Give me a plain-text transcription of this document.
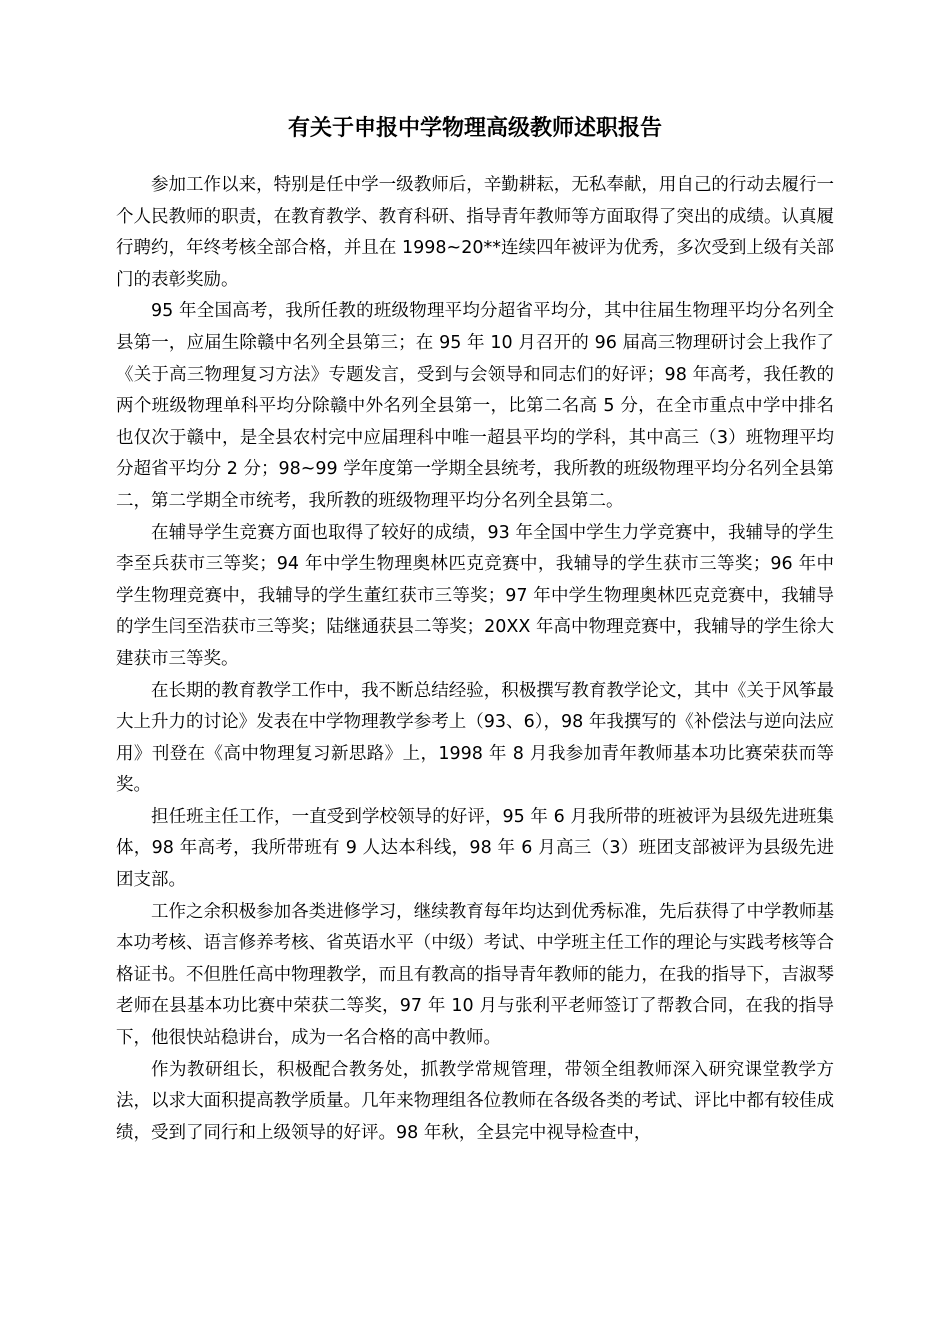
有关于申报中学物理高级教师述职报告

参加工作以来，特别是任中学一级教师后，辛勤耕耘，无私奉献，用自己的行动去履行一个人民教师的职责，在教育教学、教育科研、指导青年教师等方面取得了突出的成绩。认真履行聘约，年终考核全部合格，并且在 1998~20**连续四年被评为优秀，多次受到上级有关部门的表彰奖励。

95 年全国高考，我所任教的班级物理平均分超省平均分，其中往届生物理平均分名列全县第一，应届生除赣中名列全县第三；在 95 年 10 月召开的 96 届高三物理研讨会上我作了《关于高三物理复习方法》专题发言，受到与会领导和同志们的好评；98 年高考，我任教的两个班级物理单科平均分除赣中外名列全县第一，比第二名高 5 分，在全市重点中学中排名也仅次于赣中，是全县农村完中应届理科中唯一超县平均的学科，其中高三（3）班物理平均分超省平均分 2 分；98~99 学年度第一学期全县统考，我所教的班级物理平均分名列全县第二，第二学期全市统考，我所教的班级物理平均分名列全县第二。

在辅导学生竞赛方面也取得了较好的成绩，93 年全国中学生力学竞赛中，我辅导的学生李至兵获市三等奖；94 年中学生物理奥林匹克竞赛中，我辅导的学生获市三等奖；96 年中学生物理竞赛中，我辅导的学生董红获市三等奖；97 年中学生物理奥林匹克竞赛中，我辅导的学生闫至浩获市三等奖；陆继通获县二等奖；20XX 年高中物理竞赛中，我辅导的学生徐大建获市三等奖。

在长期的教育教学工作中，我不断总结经验，积极撰写教育教学论文，其中《关于风筝最大上升力的讨论》发表在中学物理教学参考上（93、6），98 年我撰写的《补偿法与逆向法应用》刊登在《高中物理复习新思路》上，1998 年 8 月我参加青年教师基本功比赛荣获而等奖。

担任班主任工作，一直受到学校领导的好评，95 年 6 月我所带的班被评为县级先进班集体，98 年高考，我所带班有 9 人达本科线，98 年 6 月高三（3）班团支部被评为县级先进团支部。

工作之余积极参加各类进修学习，继续教育每年均达到优秀标准，先后获得了中学教师基本功考核、语言修养考核、省英语水平（中级）考试、中学班主任工作的理论与实践考核等合格证书。不但胜任高中物理教学，而且有教高的指导青年教师的能力，在我的指导下，吉淑琴老师在县基本功比赛中荣获二等奖，97 年 10 月与张利平老师签订了帮教合同，在我的指导下，他很快站稳讲台，成为一名合格的高中教师。

作为教研组长，积极配合教务处，抓教学常规管理，带领全组教师深入研究课堂教学方法，以求大面积提高教学质量。几年来物理组各位教师在各级各类的考试、评比中都有较佳成绩，受到了同行和上级领导的好评。98 年秋，全县完中视导检查中，
